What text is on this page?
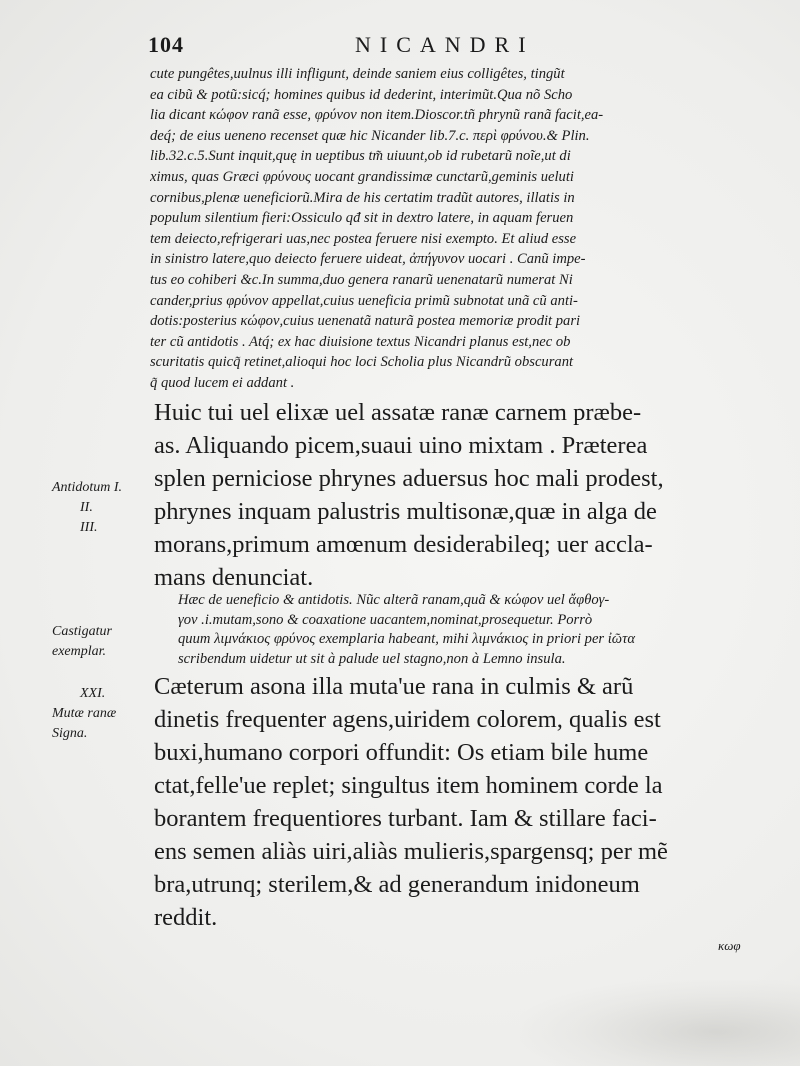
104	NICANDRI
cute pungêtes,uulnus illi infligunt, deinde saniem eius colligêtes, tingũt
ea cibũ & potũ:sicq́; homines quibus id dederint, interimũt.Qua nõ Scho
lia dicant κώφον ranã esse, φρύνον non item.Dioscor.tñ phrynũ ranã facit,ea-
deq́; de eius ueneno recenset quæ hic Nicander lib.7.c. περὶ φρύνου.& Plin.
lib.32.c.5.Sunt inquit,quę in ueptibus tm̃ uiuunt,ob id rubetarũ noĩe,ut di
ximus, quas Græci φρύνους uocant grandissimæ cunctarũ,geminis ueluti
cornibus,plenæ ueneficiorũ.Mira de his certatim tradũt autores, illatis in
populum silentium fieri:Ossiculo qđ sit in dextro latere, in aquam feruen
tem deiecto,refrigerari uas,nec postea feruere nisi exempto. Et aliud esse
in sinistro latere,quo deiecto feruere uideat, ἀπήγυνον uocari . Canũ impe-
tus eo cohiberi &c.In summa,duo genera ranarũ uenenatarũ numerat Ni
cander,prius φρύνον appellat,cuius ueneficia primũ subnotat unã cũ anti-
dotis:posterius κώφον,cuius uenenatã naturã postea memoriæ prodit pari
ter cũ antidotis . Atq́; ex hac diuisione textus Nicandri planus est,nec ob
scuritatis quicq̃ retinet,alioqui hoc loci Scholia plus Nicandrũ obscurant
q̃ quod lucem ei addant .
Huic tui uel elixæ uel assatæ ranæ carnem præbe-
as. Aliquando picem,suaui uino mixtam . Præterea
splen perniciose phrynes aduersus hoc mali prodest,
phrynes inquam palustris multisonæ,quæ in alga de
morans,primum amœnum desiderabileq; uer accla-
mans denunciat.
Hæc de ueneficio & antidotis. Nũc alterã ranam,quã & κώφον uel ἄφθογ-
γον .i.mutam,sono & coaxatione uacantem,nominat,prosequetur. Porrò
quum λιμνάκιος φρύνος exemplaria habeant, mihi λιμνάκιος in priori per ἰῶτα
scribendum uidetur ut sit à palude uel stagno,non à Lemno insula.
Cæterum asona illa muta'ue rana in culmis & arũ
dinetis frequenter agens,uiridem colorem, qualis est
buxi,humano corpori offundit: Os etiam bile hume
ctat,felle'ue replet; singultus item hominem corde la
borantem frequentiores turbant. Iam & stillare faci-
ens semen aliàs uiri,aliàs mulieris,spargensq; per mẽ
bra,utrunq; sterilem,& ad generandum inidoneum
reddit.
Antidotum I.
II.
III.
Castigatur
exemplar.
XXI.
Mutæ ranæ
Signa.
κωφ
